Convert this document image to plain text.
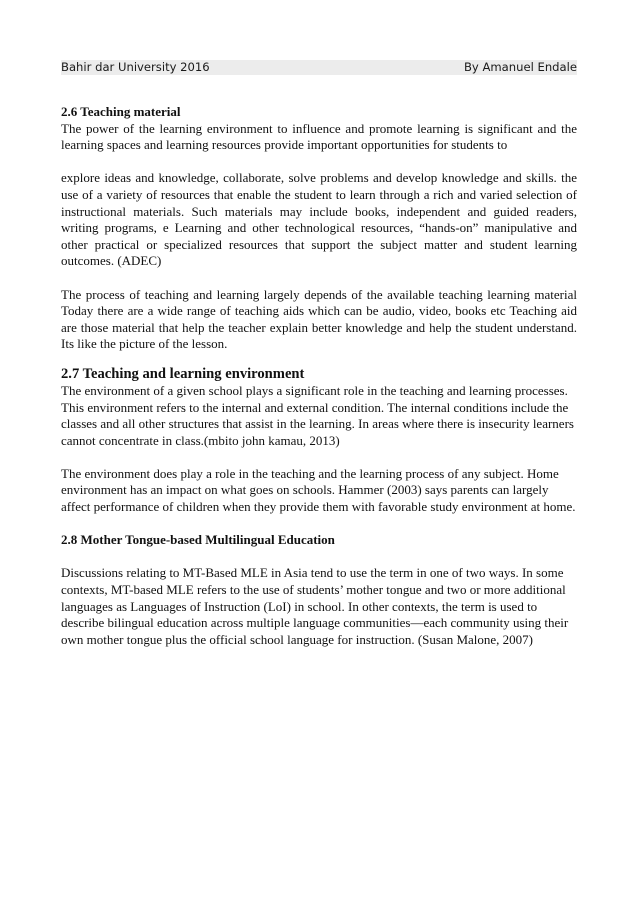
Bahir dar University 2016	By Amanuel Endale

2.6 Teaching material

The power of the learning environment to influence and promote learning is significant and the learning spaces and learning resources provide important opportunities for students to

explore ideas and knowledge, collaborate, solve problems and develop knowledge and skills. the use of a variety of resources that enable the student to learn through a rich and varied selection of instructional materials. Such materials may include books, independent and guided readers, writing programs, e Learning and other technological resources, “hands-on” manipulative and other practical or specialized resources that support the subject matter and student learning outcomes. (ADEC)

The process of teaching and learning largely depends of the available teaching learning material Today there are a wide range of teaching aids which can be audio, video, books etc Teaching aid are those material that help the teacher explain better knowledge and help the student understand. Its like the picture of the lesson.

2.7 Teaching and learning environment

The environment of a given school plays a significant role in the teaching and learning processes. This environment refers to the internal and external condition. The internal conditions include the classes and all other structures that assist in the learning. In areas where there is insecurity learners cannot concentrate in class.(mbito john kamau, 2013)

The environment does play a role in the teaching and the learning process of any subject. Home environment has an impact on what goes on schools. Hammer (2003) says parents can largely affect performance of children when they provide them with favorable study environment at home.

2.8 Mother Tongue-based Multilingual Education

Discussions relating to MT-Based MLE in Asia tend to use the term in one of two ways. In some contexts, MT-based MLE refers to the use of students’ mother tongue and two or more additional languages as Languages of Instruction (LoI) in school. In other contexts, the term is used to describe bilingual education across multiple language communities—each community using their own mother tongue plus the official school language for instruction. (Susan Malone, 2007)
